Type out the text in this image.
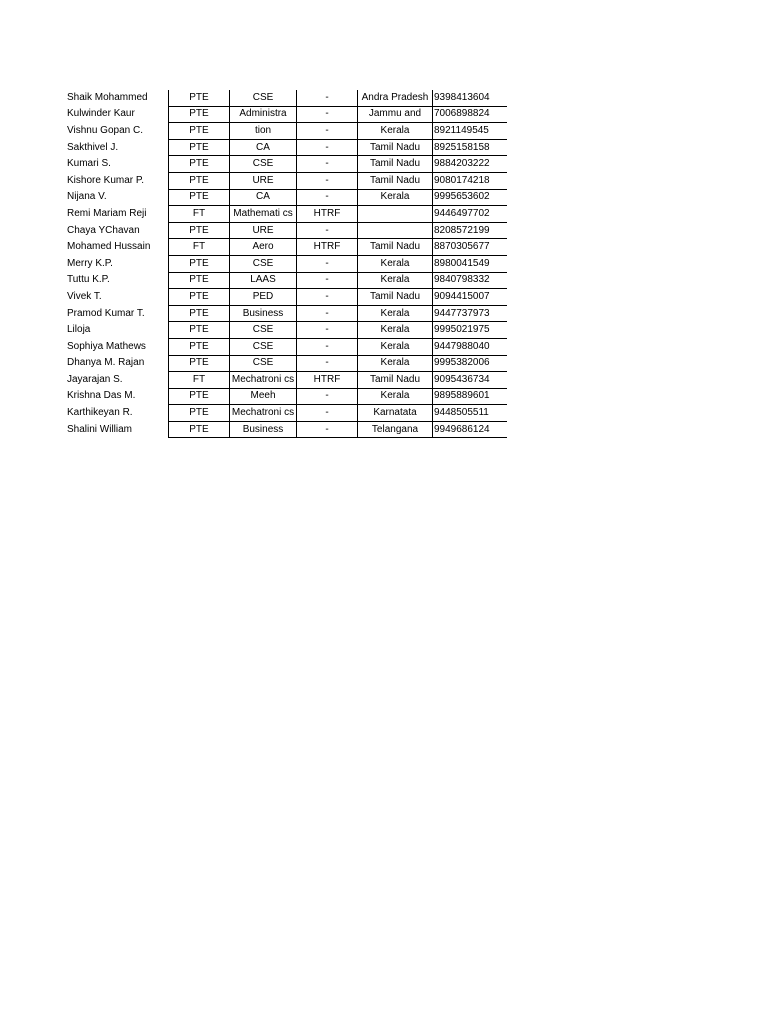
Shaik Mohammed	PTE	CSE	-	Andra Pradesh	9398413604
Kulwinder Kaur	PTE	Administra	-	Jammu and	7006898824
Vishnu Gopan C.	PTE	tion	-	Kerala	8921149545
Sakthivel J.	PTE	CA	-	Tamil Nadu	8925158158
Kumari S.	PTE	CSE	-	Tamil Nadu	9884203222
Kishore Kumar P.	PTE	URE	-	Tamil Nadu	9080174218
Nijana V.	PTE	CA	-	Kerala	9995653602
Remi Mariam Reji	FT	Mathemati cs	HTRF		9446497702
Chaya YChavan	PTE	URE	-		8208572199
Mohamed Hussain	FT	Aero	HTRF	Tamil Nadu	8870305677
Merry K.P.	PTE	CSE	-	Kerala	8980041549
Tuttu K.P.	PTE	LAAS	-	Kerala	9840798332
Vivek T.	PTE	PED	-	Tamil Nadu	9094415007
Pramod Kumar T.	PTE	Business	-	Kerala	9447737973
Liloja	PTE	CSE	-	Kerala	9995021975
Sophiya Mathews	PTE	CSE	-	Kerala	9447988040
Dhanya M. Rajan	PTE	CSE	-	Kerala	9995382006
Jayarajan S.	FT	Mechatroni cs	HTRF	Tamil Nadu	9095436734
Krishna Das M.	PTE	Meeh	-	Kerala	9895889601
Karthikeyan R.	PTE	Mechatroni cs	-	Karnatata	9448505511
Shalini William	PTE	Business	-	Telangana	9949686124
